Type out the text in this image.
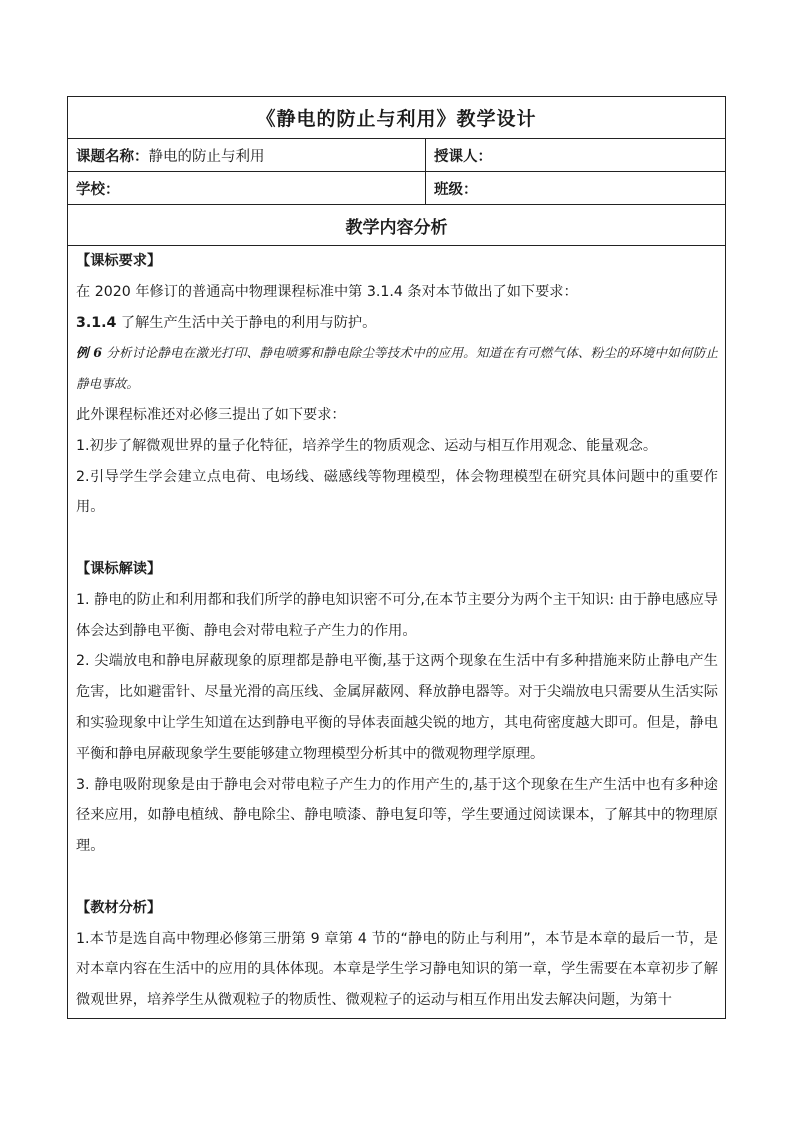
《静电的防止与利用》教学设计
课题名称： 静电的防止与利用	授课人：
学校：	班级：
教学内容分析

【课标要求】

在 2020 年修订的普通高中物理课程标准中第 3.1.4 条对本节做出了如下要求：

3.1.4 了解生产生活中关于静电的利用与防护。

例 6 分析讨论静电在激光打印、静电喷雾和静电除尘等技术中的应用。知道在有可燃气体、粉尘的环境中如何防止静电事故。

此外课程标准还对必修三提出了如下要求：

1.初步了解微观世界的量子化特征，培养学生的物质观念、运动与相互作用观念、能量观念。

2.引导学生学会建立点电荷、电场线、磁感线等物理模型，体会物理模型在研究具体问题中的重要作用。

【课标解读】

1. 静电的防止和利用都和我们所学的静电知识密不可分,在本节主要分为两个主干知识: 由于静电感应导体会达到静电平衡、静电会对带电粒子产生力的作用。

2. 尖端放电和静电屏蔽现象的原理都是静电平衡,基于这两个现象在生活中有多种措施来防止静电产生危害，比如避雷针、尽量光滑的高压线、金属屏蔽网、释放静电器等。对于尖端放电只需要从生活实际和实验现象中让学生知道在达到静电平衡的导体表面越尖锐的地方，其电荷密度越大即可。但是，静电平衡和静电屏蔽现象学生要能够建立物理模型分析其中的微观物理学原理。

3. 静电吸附现象是由于静电会对带电粒子产生力的作用产生的,基于这个现象在生产生活中也有多种途径来应用，如静电植绒、静电除尘、静电喷漆、静电复印等，学生要通过阅读课本，了解其中的物理原理。

【教材分析】

1.本节是选自高中物理必修第三册第 9 章第 4 节的“静电的防止与利用”，本节是本章的最后一节，是对本章内容在生活中的应用的具体体现。本章是学生学习静电知识的第一章，学生需要在本章初步了解微观世界，培养学生从微观粒子的物质性、微观粒子的运动与相互作用出发去解决问题，为第十
